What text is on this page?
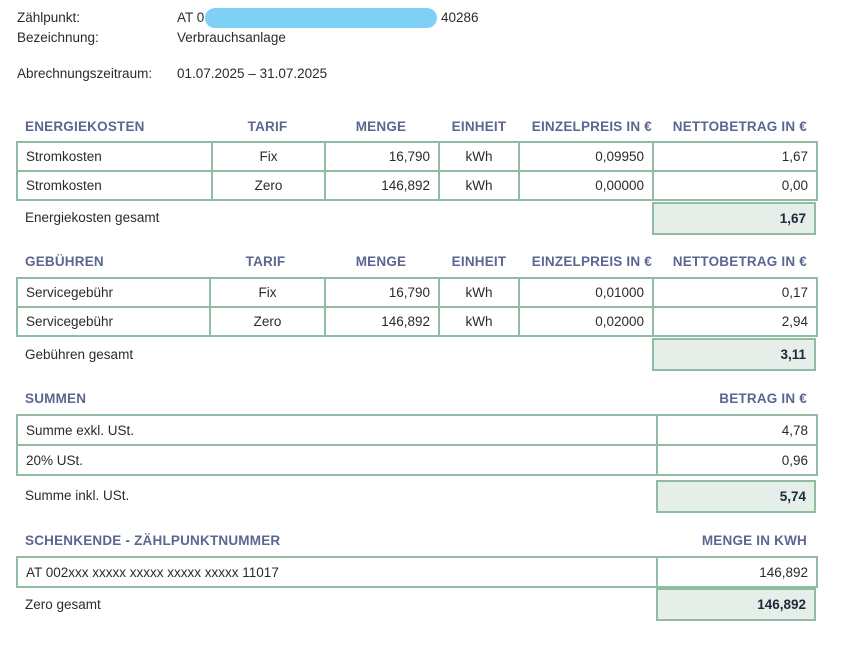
Zählpunkt:	AT 0	40286
Bezeichnung:	Verbrauchsanlage
Abrechnungszeitraum: 01.07.2025 – 31.07.2025
ENERGIEKOSTEN	TARIF	MENGE	EINHEIT	EINZELPREIS IN €	NETTOBETRAG IN €
Stromkosten	Fix	16,790	kWh	0,09950	1,67
Stromkosten	Zero	146,892	kWh	0,00000	0,00
Energiekosten gesamt	1,67
GEBÜHREN	TARIF	MENGE	EINHEIT	EINZELPREIS IN €	NETTOBETRAG IN €
Servicegebühr	Fix	16,790	kWh	0,01000	0,17
Servicegebühr	Zero	146,892	kWh	0,02000	2,94
Gebühren gesamt	3,11
SUMMEN	BETRAG IN €
Summe exkl. USt.	4,78
20% USt.	0,96
Summe inkl. USt.	5,74
SCHENKENDE - ZÄHLPUNKTNUMMER	MENGE IN KWH
AT 002xxx xxxxx xxxxx xxxxx xxxxx 11017	146,892
Zero gesamt	146,892
